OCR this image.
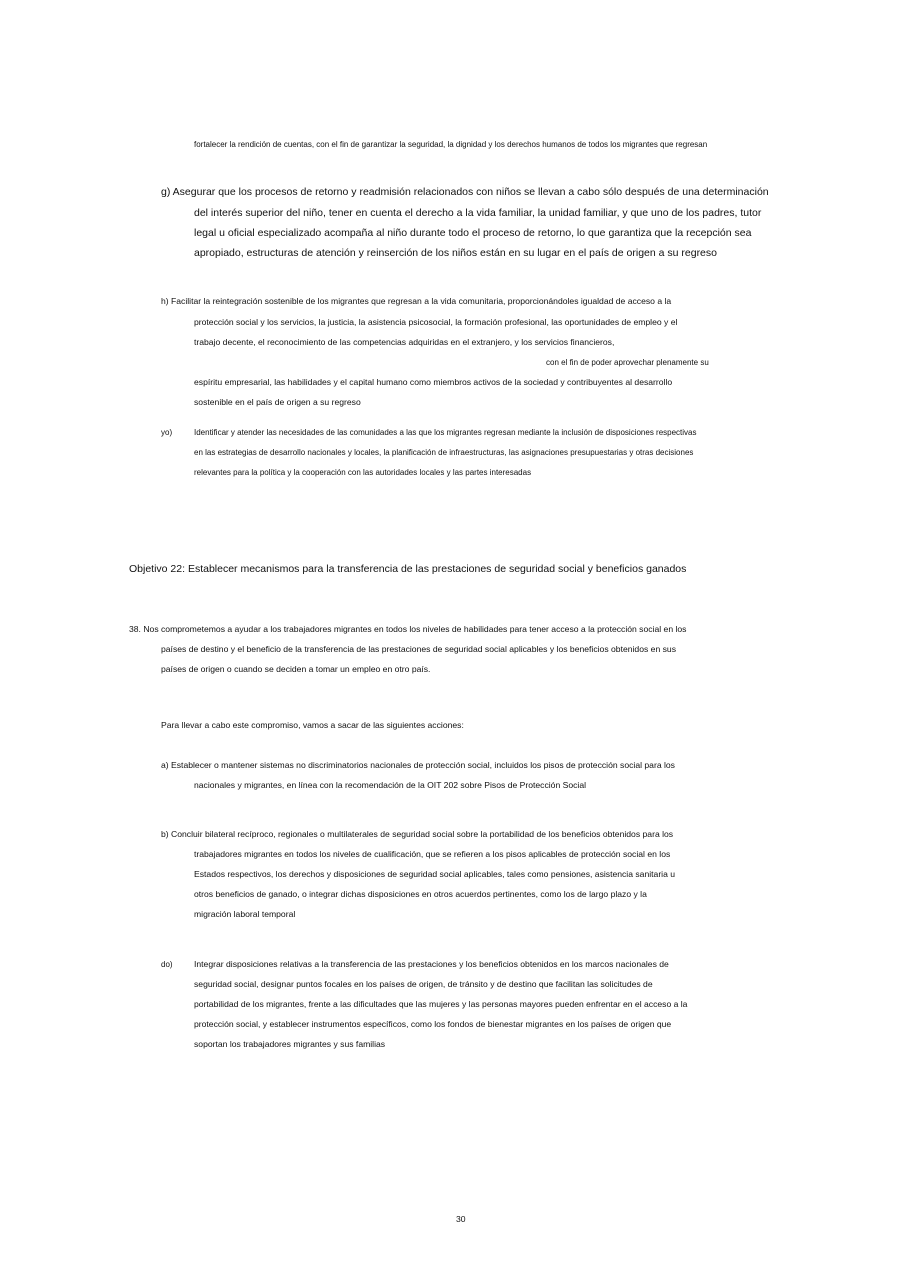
fortalecer la rendición de cuentas, con el fin de garantizar la seguridad, la dignidad y los derechos humanos de todos los migrantes que regresan

g) Asegurar que los procesos de retorno y readmisión relacionados con niños se llevan a cabo sólo después de una determinación

del interés superior del niño, tener en cuenta el derecho a la vida familiar, la unidad familiar, y que uno de los padres, tutor

legal u oficial especializado acompaña al niño durante todo el proceso de retorno, lo que garantiza que la recepción sea

apropiado, estructuras de atención y reinserción de los niños están en su lugar en el país de origen a su regreso

h) Facilitar la reintegración sostenible de los migrantes que regresan a la vida comunitaria, proporcionándoles igualdad de acceso a la

protección social y los servicios, la justicia, la asistencia psicosocial, la formación profesional, las oportunidades de empleo y el

trabajo decente, el reconocimiento de las competencias adquiridas en el extranjero, y los servicios financieros,

con el fin de poder aprovechar plenamente su

espíritu empresarial, las habilidades y el capital humano como miembros activos de la sociedad y contribuyentes al desarrollo

sostenible en el país de origen a su regreso

yo)	Identificar y atender las necesidades de las comunidades a las que los migrantes regresan mediante la inclusión de disposiciones respectivas

en las estrategias de desarrollo nacionales y locales, la planificación de infraestructuras, las asignaciones presupuestarias y otras decisiones

relevantes para la política y la cooperación con las autoridades locales y las partes interesadas

Objetivo 22: Establecer mecanismos para la transferencia de las prestaciones de seguridad social y beneficios ganados

38. Nos comprometemos a ayudar a los trabajadores migrantes en todos los niveles de habilidades para tener acceso a la protección social en los

países de destino y el beneficio de la transferencia de las prestaciones de seguridad social aplicables y los beneficios obtenidos en sus

países de origen o cuando se deciden a tomar un empleo en otro país.

Para llevar a cabo este compromiso, vamos a sacar de las siguientes acciones:

a) Establecer o mantener sistemas no discriminatorios nacionales de protección social, incluidos los pisos de protección social para los

nacionales y migrantes, en línea con la recomendación de la OIT 202 sobre Pisos de Protección Social

b) Concluir bilateral recíproco, regionales o multilaterales de seguridad social sobre la portabilidad de los beneficios obtenidos para los

trabajadores migrantes en todos los niveles de cualificación, que se refieren a los pisos aplicables de protección social en los

Estados respectivos, los derechos y disposiciones de seguridad social aplicables, tales como pensiones, asistencia sanitaria u

otros beneficios de ganado, o integrar dichas disposiciones en otros acuerdos pertinentes, como los de largo plazo y la

migración laboral temporal

do) Integrar disposiciones relativas a la transferencia de las prestaciones y los beneficios obtenidos en los marcos nacionales de

seguridad social, designar puntos focales en los países de origen, de tránsito y de destino que facilitan las solicitudes de

portabilidad de los migrantes, frente a las dificultades que las mujeres y las personas mayores pueden enfrentar en el acceso a la

protección social, y establecer instrumentos específicos, como los fondos de bienestar migrantes en los países de origen que

soportan los trabajadores migrantes y sus familias

30
